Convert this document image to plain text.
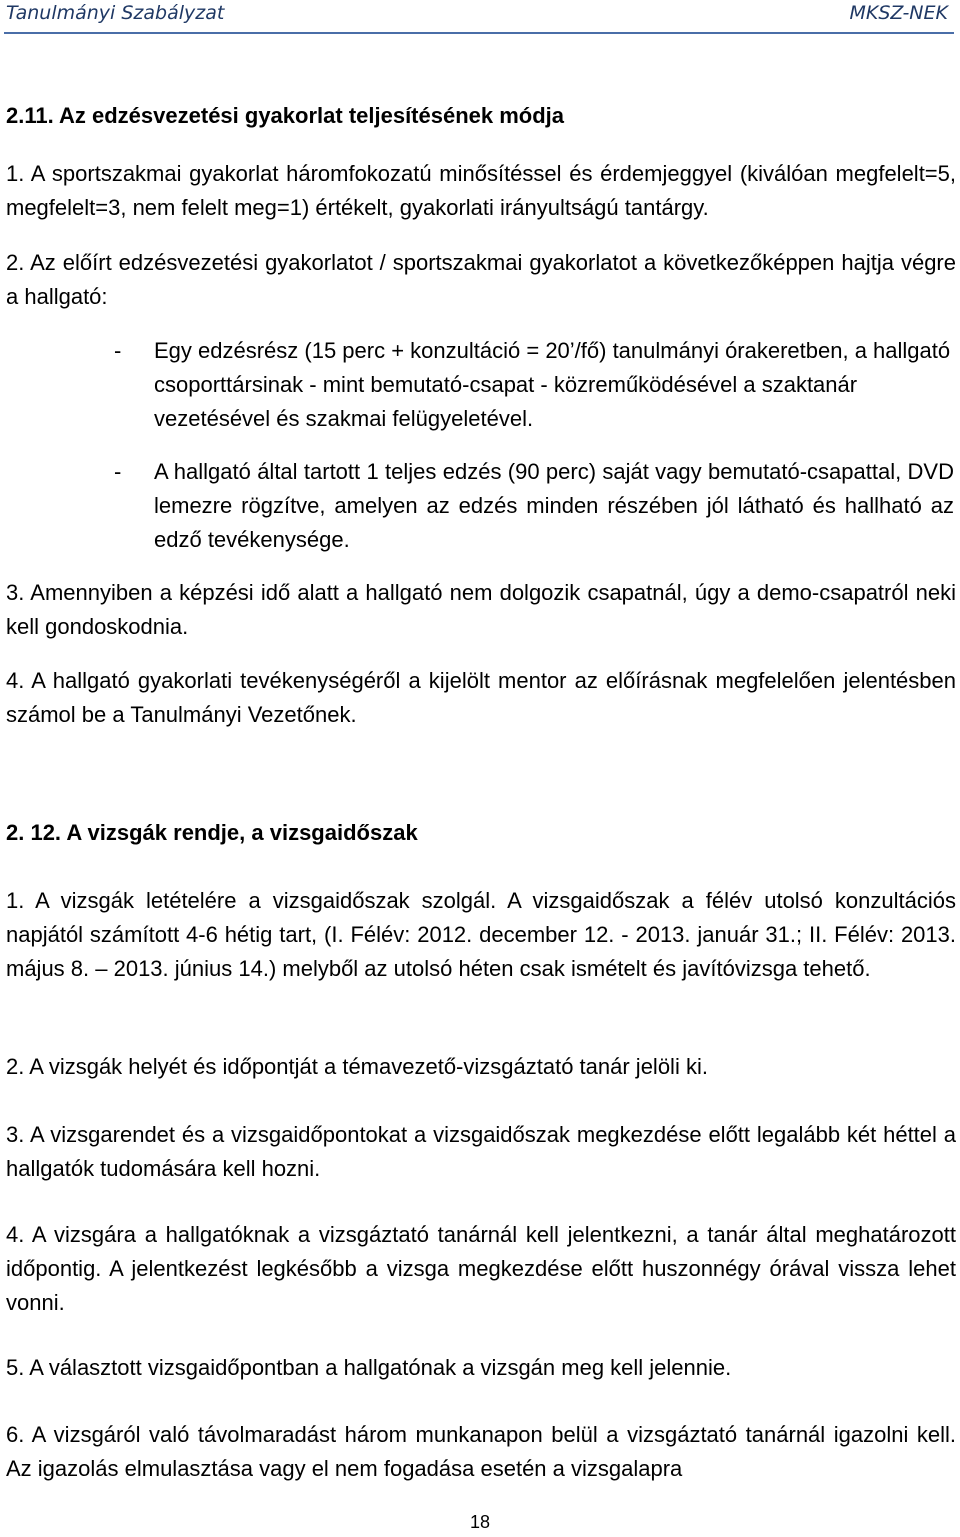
Tanulmányi Szabályzat	MKSZ-NEK

2.11. Az edzésvezetési gyakorlat teljesítésének módja

1. A sportszakmai gyakorlat háromfokozatú minősítéssel és érdemjeggyel (kiválóan megfelelt=5, megfelelt=3, nem felelt meg=1) értékelt, gyakorlati irányultságú tantárgy.

2. Az előírt edzésvezetési gyakorlatot / sportszakmai gyakorlatot a következőképpen hajtja végre a hallgató:

- Egy edzésrész (15 perc + konzultáció = 20’/fő) tanulmányi órakeretben, a hallgató csoporttársinak - mint bemutató-csapat - közreműködésével a szaktanár vezetésével és szakmai felügyeletével.

- A hallgató által tartott 1 teljes edzés (90 perc) saját vagy bemutató-csapattal, DVD lemezre rögzítve, amelyen az edzés minden részében jól látható és hallható az edző tevékenysége.

3. Amennyiben a képzési idő alatt a hallgató nem dolgozik csapatnál, úgy a demo-csapatról neki kell gondoskodnia.

4. A hallgató gyakorlati tevékenységéről a kijelölt mentor az előírásnak megfelelően jelentésben számol be a Tanulmányi Vezetőnek.

2. 12. A vizsgák rendje, a vizsgaidőszak

1. A vizsgák letételére a vizsgaidőszak szolgál. A vizsgaidőszak a félév utolsó konzultációs napjától számított 4-6 hétig tart, (I. Félév: 2012. december 12. - 2013. január 31.; II. Félév: 2013. május 8. – 2013. június 14.) melyből az utolsó héten csak ismételt és javítóvizsga tehető.

2. A vizsgák helyét és időpontját a témavezető-vizsgáztató tanár jelöli ki.

3. A vizsgarendet és a vizsgaidőpontokat a vizsgaidőszak megkezdése előtt legalább két héttel a hallgatók tudomására kell hozni.

4. A vizsgára a hallgatóknak a vizsgáztató tanárnál kell jelentkezni, a tanár által meghatározott időpontig. A jelentkezést legkésőbb a vizsga megkezdése előtt huszonnégy órával vissza lehet vonni.

5. A választott vizsgaidőpontban a hallgatónak a vizsgán meg kell jelennie.

6. A vizsgáról való távolmaradást három munkanapon belül a vizsgáztató tanárnál igazolni kell. Az igazolás elmulasztása vagy el nem fogadása esetén a vizsgalapra

18
